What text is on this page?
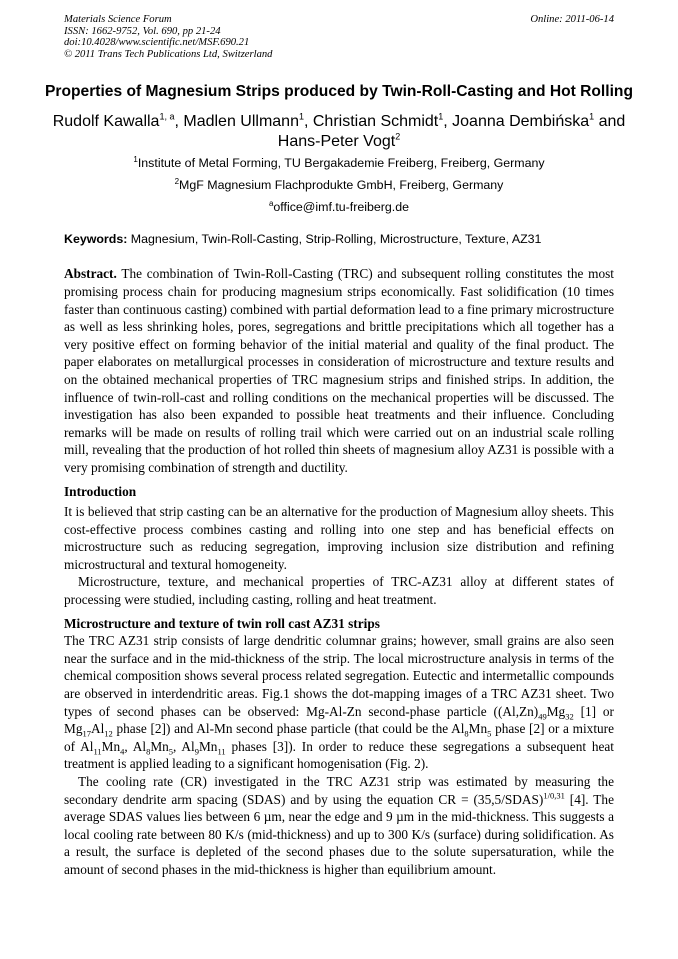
Materials Science Forum
ISSN: 1662-9752, Vol. 690, pp 21-24
doi:10.4028/www.scientific.net/MSF.690.21
© 2011 Trans Tech Publications Ltd, Switzerland
Online: 2011-06-14
Properties of Magnesium Strips produced by Twin-Roll-Casting and Hot Rolling
Rudolf Kawalla$^{1, a}$, Madlen Ullmann$^1$, Christian Schmidt$^1$, Joanna Dembińska$^1$ and Hans-Peter Vogt$^2$
$^1$Institute of Metal Forming, TU Bergakademie Freiberg, Freiberg, Germany
$^2$MgF Magnesium Flachprodukte GmbH, Freiberg, Germany
$^a$office@imf.tu-freiberg.de
Keywords: Magnesium, Twin-Roll-Casting, Strip-Rolling, Microstructure, Texture, AZ31

Abstract. The combination of Twin-Roll-Casting (TRC) and subsequent rolling constitutes the most promising process chain for producing magnesium strips economically. Fast solidification (10 times faster than continuous casting) combined with partial deformation lead to a fine primary microstructure as well as less shrinking holes, pores, segregations and brittle precipitations which all together has a very positive effect on forming behavior of the initial material and quality of the final product. The paper elaborates on metallurgical processes in consideration of microstructure and texture results and on the obtained mechanical properties of TRC magnesium strips and finished strips. In addition, the influence of twin-roll-cast and rolling conditions on the mechanical properties will be discussed. The investigation has also been expanded to possible heat treatments and their influence. Concluding remarks will be made on results of rolling trail which were carried out on an industrial scale rolling mill, revealing that the production of hot rolled thin sheets of magnesium alloy AZ31 is possible with a very promising combination of strength and ductility.

Introduction

It is believed that strip casting can be an alternative for the production of Magnesium alloy sheets. This cost-effective process combines casting and rolling into one step and has beneficial effects on microstructure such as reducing segregation, improving inclusion size distribution and refining microstructural and textural homogeneity.

Microstructure, texture, and mechanical properties of TRC-AZ31 alloy at different states of processing were studied, including casting, rolling and heat treatment.

Microstructure and texture of twin roll cast AZ31 strips

The TRC AZ31 strip consists of large dendritic columnar grains; however, small grains are also seen near the surface and in the mid-thickness of the strip. The local microstructure analysis in terms of the chemical composition shows several process related segregation. Eutectic and intermetallic compounds are observed in interdendritic areas. Fig.1 shows the dot-mapping images of a TRC AZ31 sheet. Two types of second phases can be observed: Mg-Al-Zn second-phase particle ($(Al,Zn)_{49}Mg_{32}$ [1] or $Mg_{17}Al_{12}$ phase [2]) and Al-Mn second phase particle (that could be the $Al_8Mn_5$ phase [2] or a mixture of $Al_{11}Mn_4$, $Al_8Mn_5$, $Al_9Mn_{11}$ phases [3]). In order to reduce these segregations a subsequent heat treatment is applied leading to a significant homogenisation (Fig. 2).

The cooling rate (CR) investigated in the TRC AZ31 strip was estimated by measuring the secondary dendrite arm spacing (SDAS) and by using the equation CR = (35,5/SDAS)$^{1/0,31}$ [4]. The average SDAS values lies between 6 µm, near the edge and 9 µm in the mid-thickness. This suggests a local cooling rate between 80 K/s (mid-thickness) and up to 300 K/s (surface) during solidification. As a result, the surface is depleted of the second phases due to the solute supersaturation, while the amount of second phases in the mid-thickness is higher than equilibrium amount.
